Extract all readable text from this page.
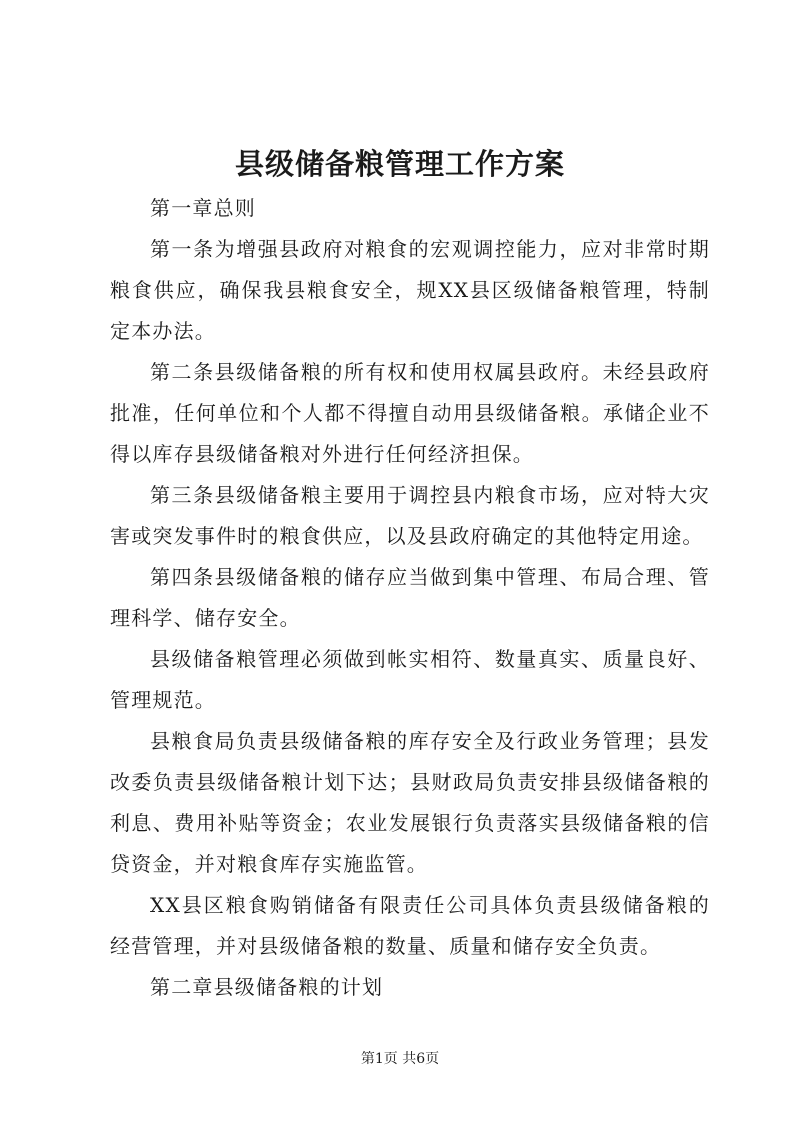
县级储备粮管理工作方案

第一章总则

第一条为增强县政府对粮食的宏观调控能力，应对非常时期粮食供应，确保我县粮食安全，规XX县区级储备粮管理，特制定本办法。

第二条县级储备粮的所有权和使用权属县政府。未经县政府批准，任何单位和个人都不得擅自动用县级储备粮。承储企业不得以库存县级储备粮对外进行任何经济担保。

第三条县级储备粮主要用于调控县内粮食市场，应对特大灾害或突发事件时的粮食供应，以及县政府确定的其他特定用途。

第四条县级储备粮的储存应当做到集中管理、布局合理、管理科学、储存安全。

县级储备粮管理必须做到帐实相符、数量真实、质量良好、管理规范。

县粮食局负责县级储备粮的库存安全及行政业务管理；县发改委负责县级储备粮计划下达；县财政局负责安排县级储备粮的利息、费用补贴等资金；农业发展银行负责落实县级储备粮的信贷资金，并对粮食库存实施监管。

XX县区粮食购销储备有限责任公司具体负责县级储备粮的经营管理，并对县级储备粮的数量、质量和储存安全负责。

第二章县级储备粮的计划

第1页 共6页
